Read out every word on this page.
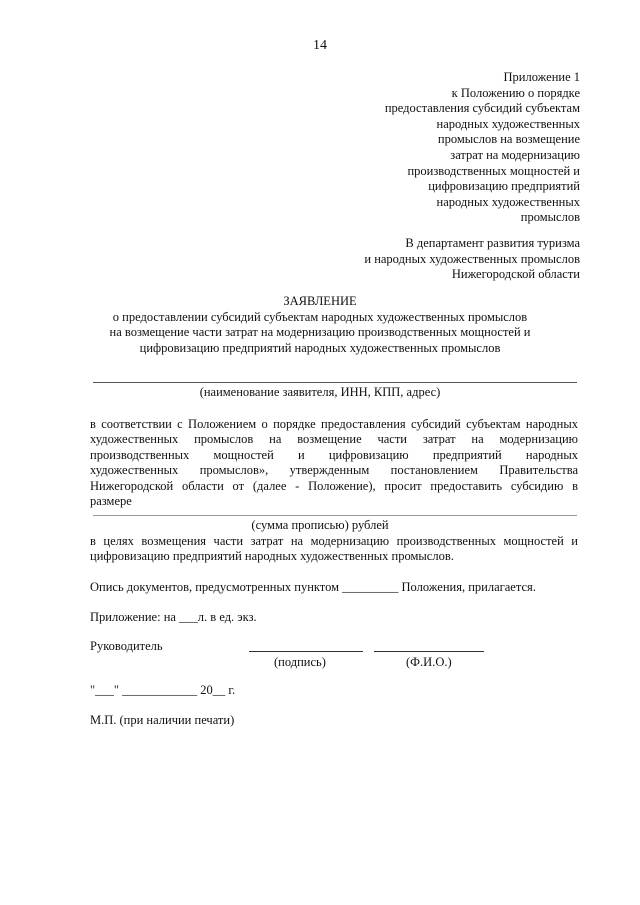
14
Приложение 1
к Положению о порядке
предоставления субсидий субъектам
народных художественных
промыслов на возмещение
затрат на модернизацию
производственных мощностей и
цифровизацию предприятий
народных художественных
промыслов
В департамент развития туризма
и народных художественных промыслов
Нижегородской области
ЗАЯВЛЕНИЕ
о предоставлении субсидий субъектам народных художественных промыслов
на возмещение части затрат на модернизацию производственных мощностей и
цифровизацию предприятий народных художественных промыслов
(наименование заявителя, ИНН, КПП, адрес)
в соответствии с Положением о порядке предоставления субсидий субъектам народных
художественных промыслов на возмещение части затрат на модернизацию
производственных мощностей и цифровизацию предприятий народных
художественных промыслов», утвержденным постановлением Правительства
Нижегородской области от (далее - Положение), просит предоставить субсидию в
размере
(сумма прописью) рублей
в целях возмещения части затрат на модернизацию производственных мощностей и
цифровизацию предприятий народных художественных промыслов.
Опись документов, предусмотренных пунктом _________ Положения, прилагается.
Приложение: на ___л. в ед. экз.
Руководитель
(подпись)	(Ф.И.О.)
"___" ____________ 20__ г.
М.П. (при наличии печати)
